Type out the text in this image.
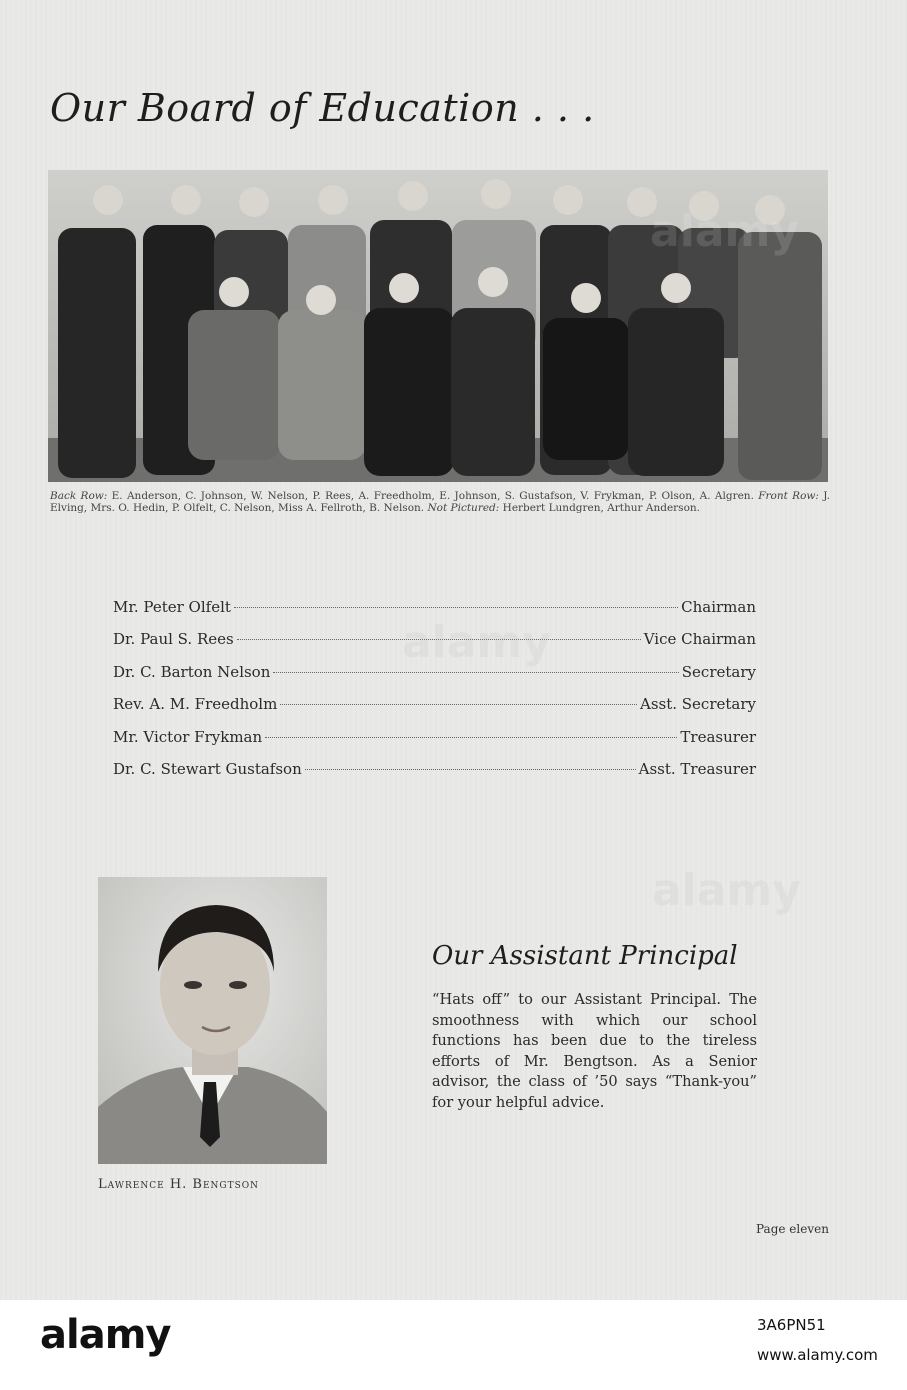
Our Board of Education . . .
Back Row: E. Anderson, C. Johnson, W. Nelson, P. Rees, A. Freedholm, E. Johnson, S. Gustafson, V. Frykman, P. Olson, A. Algren. Front Row: J. Elving, Mrs. O. Hedin, P. Olfelt, C. Nelson, Miss A. Fellroth, B. Nelson. Not Pictured: Herbert Lundgren, Arthur Anderson.
Mr. Peter Olfelt	Chairman
Dr. Paul S. Rees	Vice Chairman
Dr. C. Barton Nelson	Secretary
Rev. A. M. Freedholm	Asst. Secretary
Mr. Victor Frykman	Treasurer
Dr. C. Stewart Gustafson	Asst. Treasurer
Lawrence H. Bengtson
Our Assistant Principal
“Hats off” to our Assistant Principal. The smoothness with which our school functions has been due to the tireless efforts of Mr. Bengtson. As a Senior advisor, the class of ’50 says “Thank-you” for your helpful advice.
Page eleven
alamy	3A6PN51
www.alamy.com
